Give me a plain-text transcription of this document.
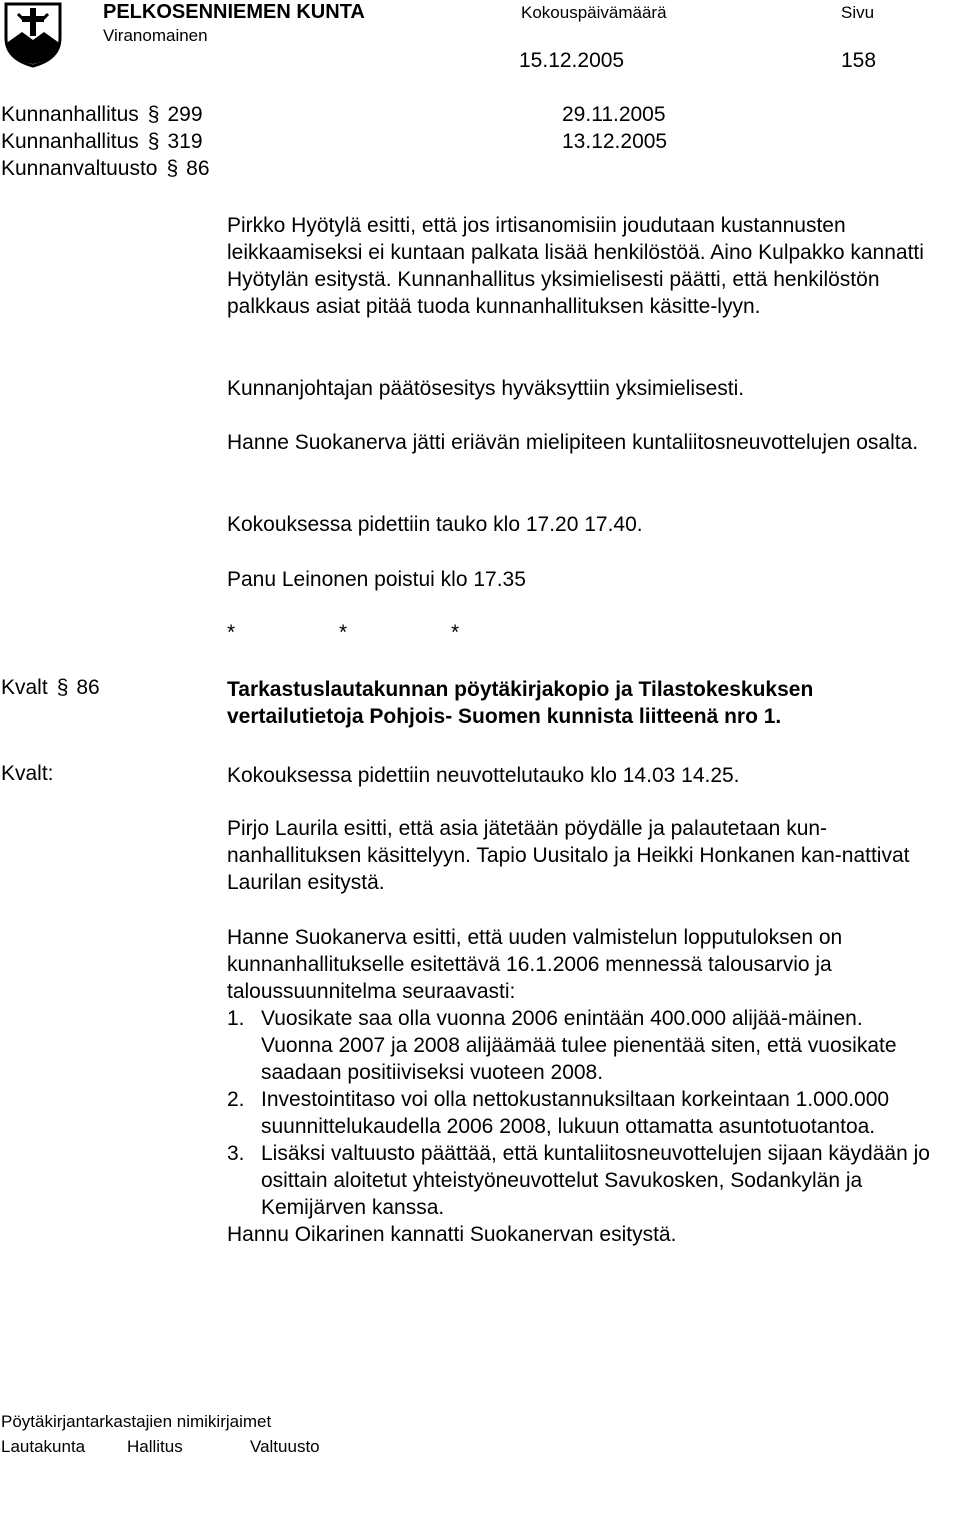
PELKOSENNIEMEN KUNTA
Viranomainen
Kokouspäivämäärä	Sivu
15.12.2005	158
Kunnanhallitus § 299	29.11.2005
Kunnanhallitus § 319	13.12.2005
Kunnanvaltuusto § 86
Pirkko Hyötylä esitti, että jos irtisanomisiin joudutaan kustannusten leikkaamiseksi ei kuntaan palkata lisää henkilöstöä. Aino Kulpakko kannatti Hyötylän esitystä. Kunnanhallitus yksimielisesti päätti, että henkilöstön palkkaus asiat pitää tuoda kunnanhallituksen käsitte-lyyn.
Kunnanjohtajan päätösesitys hyväksyttiin yksimielisesti.
Hanne Suokanerva jätti eriävän mielipiteen kuntaliitosneuvottelujen osalta.
Kokouksessa pidettiin tauko klo 17.20 17.40.
Panu Leinonen poistui klo 17.35
*	*	*
Kvalt § 86	Tarkastuslautakunnan pöytäkirjakopio ja Tilastokeskuksen vertailutietoja Pohjois- Suomen kunnista liitteenä nro 1.
Kvalt:	Kokouksessa pidettiin neuvottelutauko klo 14.03 14.25.
Pirjo Laurila esitti, että asia jätetään pöydälle ja palautetaan kun-nanhallituksen käsittelyyn. Tapio Uusitalo ja Heikki Honkanen kan-nattivat Laurilan esitystä.

Hanne Suokanerva esitti, että uuden valmistelun lopputuloksen on kunnanhallitukselle esitettävä 16.1.2006 mennessä talousarvio ja taloussuunnitelma seuraavasti:

1. Vuosikate saa olla vuonna 2006 enintään 400.000 alijää-mäinen. Vuonna 2007 ja 2008 alijäämää tulee pienentää siten, että vuosikate saadaan positiiviseksi vuoteen 2008.
2. Investointitaso voi olla nettokustannuksiltaan korkeintaan 1.000.000 suunnittelukaudella 2006 2008, lukuun ottamatta asuntotuotantoa.
3. Lisäksi valtuusto päättää, että kuntaliitosneuvottelujen sijaan käydään jo osittain aloitetut yhteistyöneuvottelut Savukosken, Sodankylän ja Kemijärven kanssa.

Hannu Oikarinen kannatti Suokanervan esitystä.

Pöytäkirjantarkastajien nimikirjaimet
Lautakunta Hallitus	Valtuusto
